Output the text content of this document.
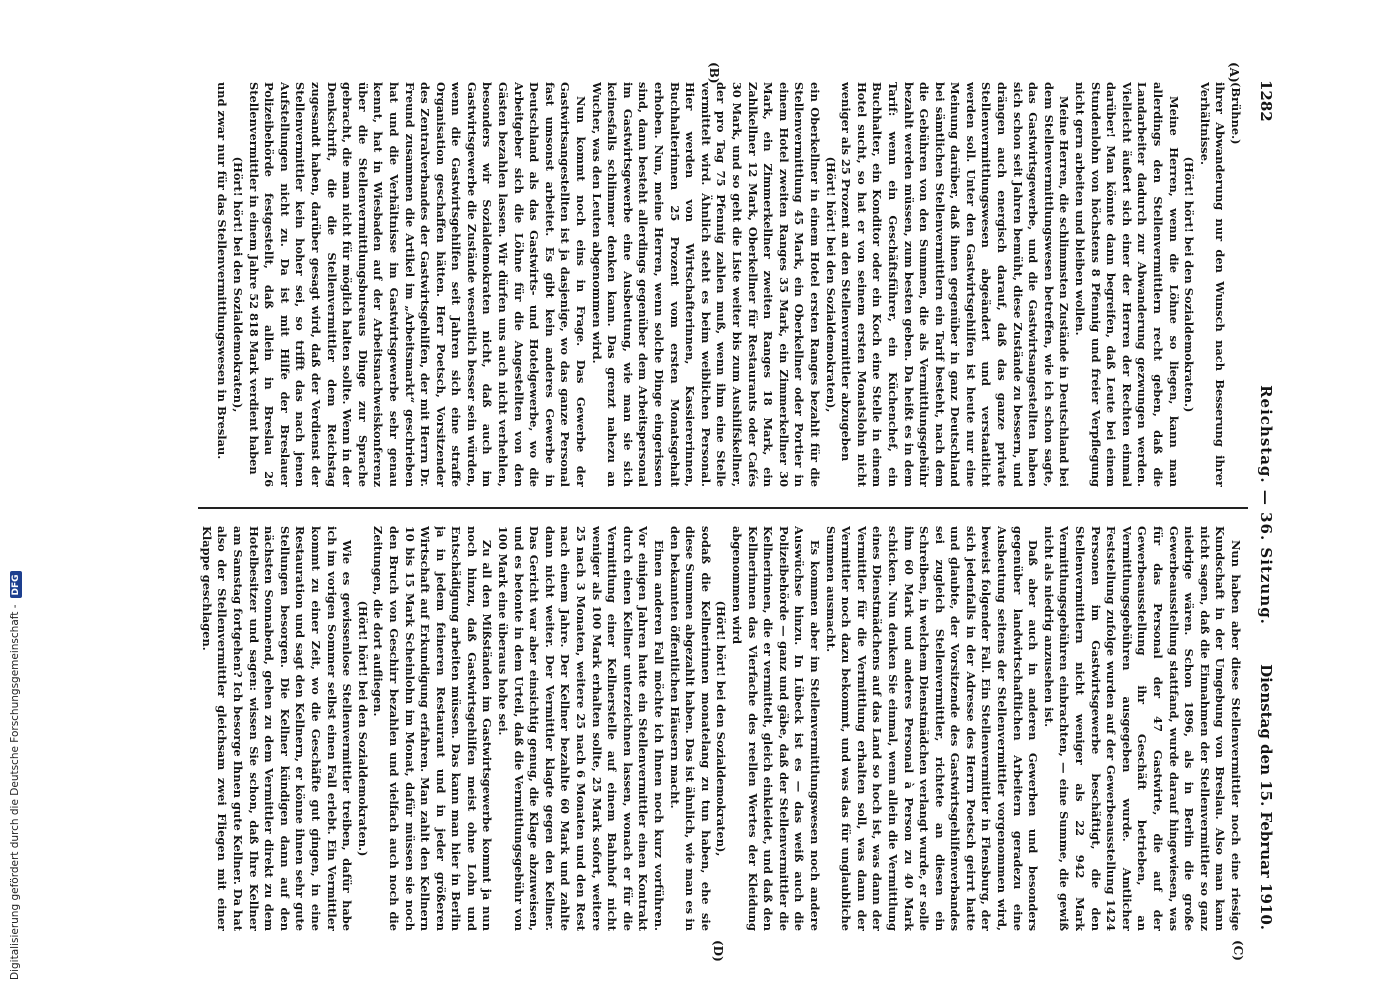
1282
Reichstag. — 36. Sitzung.
Dienstag den 15. Februar 1910.
(A)
(B)
(C)
(D)

(Brühne.)

ihrer Abwanderung nur den Wunsch nach Besserung ihrer Verhältnisse.

(Hört! hört! bei den Sozialdemokraten.)

Meine Herren, wenn die Löhne so liegen, kann man allerdings den Stellenvermittlern recht geben, daß die Landarbeiter dadurch zur Abwanderung gezwungen werden. Vielleicht äußert sich einer der Herren der Rechten einmal darüber! Man könnte dann begreifen, daß Leute bei einem Stundenlohn von höchstens 8 Pfennig und freier Verpflegung nicht gern arbeiten und bleiben wollen.

Meine Herren, die schlimmsten Zustände in Deutschland bei dem Stellenvermittlungswesen betreffen, wie ich schon sagte, das Gastwirtsgewerbe, und die Gastwirtsangestellten haben sich schon seit Jahren bemüht, diese Zustände zu bessern, und drängen auch energisch darauf, daß das ganze private Stellenvermittlungswesen abgeändert und verstaatlicht werden soll. Unter den Gastwirtsgehilfen ist heute nur eine Meinung darüber, daß ihnen gegenüber in ganz Deutschland bei sämtlichen Stellenvermittlern ein Tarif besteht, nach dem die Gebühren von den Summen, die als Vermittlungsgebühr bezahlt werden müssen, zum besten geben. Da heißt es in dem Tarif: wenn ein Geschäftsführer, ein Küchenchef, ein Buchhalter, ein Konditor oder ein Koch eine Stelle in einem Hotel sucht, so hat er von seinem ersten Monatslohn nicht weniger als 25 Prozent an den Stellenvermittler abzugeben

(Hört! hört! bei den Sozialdemokraten),

ein Oberkellner in einem Hotel ersten Ranges bezahlt für die Stellenvermittlung 45 Mark, ein Oberkellner oder Portier in einem Hotel zweiten Ranges 35 Mark, ein Zimmerkellner 30 Mark, ein Zimmerkellner zweiten Ranges 18 Mark, ein Zahlkellner 12 Mark, Oberkellner für Restaurants oder Cafés 30 Mark, und so geht die Liste weiter bis zum Aushilfskellner, der pro Tag 75 Pfennig zahlen muß, wenn ihm eine Stelle vermittelt wird. Ähnlich steht es beim weiblichen Personal. Hier werden von Wirtschafterinnen, Kassiererinnen, Buchhalterinnen 25 Prozent vom ersten Monatsgehalt erhoben. Nun, meine Herren, wenn solche Dinge eingerissen sind, dann besteht allerdings gegenüber dem Arbeitspersonal im Gastwirtsgewerbe eine Ausbeutung, wie man sie sich keinesfalls schlimmer denken kann. Das grenzt nahezu an Wucher, was den Leuten abgenommen wird.

Nun kommt noch eins in Frage. Das Gewerbe der Gastwirtsangestellten ist ja dasjenige, wo das ganze Personal fast umsonst arbeitet. Es gibt kein anderes Gewerbe in Deutschland als das Gastwirts- und Hotelgewerbe, wo die Arbeitgeber sich die Löhne für die Angestellten von den Gästen bezahlen lassen. Wir dürfen uns auch nicht verhehlen, besonders wir Sozialdemokraten nicht, daß auch im Gastwirtsgewerbe die Zustände wesentlich besser sein würden, wenn die Gastwirtsgehilfen seit Jahren sich eine straffe Organisation geschaffen hätten. Herr Poetsch, Vorsitzender des Zentralverbandes der Gastwirtsgehilfen, der mit Herrn Dr. Freund zusammen die Artikel im „Arbeitsmarkt“ geschrieben hat und die Verhältnisse im Gastwirtsgewerbe sehr genau kennt, hat in Wiesbaden auf der Arbeitsnachweiskonferenz über die Stellenvermittlungsbureaus Dinge zur Sprache gebracht, die man nicht für möglich halten sollte. Wenn in der Denkschrift, die die Stellenvermittler dem Reichstag zugesandt haben, darüber gesagt wird, daß der Verdienst der Stellenvermittler kein hoher sei, so trifft das nach jenen Aufstellungen nicht zu. Da ist mit Hilfe der Breslauer Polizeibehörde festgestellt, daß allein in Breslau 26 Stellenvermittler in einem Jahre 52 818 Mark verdient haben

(Hört! hört! bei den Sozialdemokraten),

und zwar nur für das Stellenvermittlungswesen in Breslau.

Nun haben aber diese Stellenvermittler noch eine riesige Kundschaft in der Umgebung von Breslau. Also man kann nicht sagen, daß die Einnahmen der Stellenvermittler so ganz niedrige wären. Schon 1896, als in Berlin die große Gewerbeausstellung stattfand, wurde darauf hingewiesen, was für das Personal der 47 Gastwirte, die auf der Gewerbeausstellung ihr Geschäft betrieben, an Vermittlungsgebühren ausgegeben wurde. Amtlicher Feststellung zufolge wurden auf der Gewerbeausstellung 1424 Personen im Gastwirtsgewerbe beschäftigt, die den Stellenvermittlern nicht weniger als 22 942 Mark Vermittlungsgebühren einbrachten, — eine Summe, die gewiß nicht als niedrig anzusehen ist.

Daß aber auch in anderen Gewerben und besonders gegenüber landwirtschaftlichen Arbeitern geradezu eine Ausbeutung seitens der Stellenvermittler vorgenommen wird, beweist folgender Fall. Ein Stellenvermittler in Flensburg, der sich jedenfalls in der Adresse des Herrn Poetsch geirrt hatte und glaubte, der Vorsitzende des Gastwirtsgehilfenverbandes sei zugleich Stellenvermittler, richtete an diesen ein Schreiben, in welchem Dienstmädchen verlangt wurde, er solle ihm 60 Mark und anderes Personal à Person zu 40 Mark schicken. Nun denken Sie einmal, wenn allein die Vermittlung eines Dienstmädchens auf das Land so hoch ist, was dann der Vermittler für die Vermittlung erhalten soll, was dann der Vermittler noch dazu bekommt, und was das für unglaubliche Summen ausmacht.

Es kommen aber im Stellenvermittlungswesen noch andere Auswüchse hinzu. In Lübeck ist es — das weiß auch die Polizeibehörde — ganz und gäbe, daß der Stellenvermittler die Kellnerinnen, die er vermittelt, gleich einkleidet, und daß den Kellnerinnen das Vierfache des reellen Wertes der Kleidung abgenommen wird

(Hört! hört! bei den Sozialdemokraten),

sodaß die Kellnerinnen monatelang zu tun haben, ehe sie diese Summen abgezahlt haben. Das ist ähnlich, wie man es in den bekannten öffentlichen Häusern macht.

Einen anderen Fall möchte ich Ihnen noch kurz vorführen. Vor einigen Jahren hatte ein Stellenvermittler einen Kontrakt durch einen Kellner unterzeichnen lassen, wonach er für die Vermittlung einer Kellnerstelle auf einem Bahnhof nicht weniger als 100 Mark erhalten sollte, 25 Mark sofort, weitere 25 nach 3 Monaten, weitere 25 nach 6 Monaten und den Rest nach einem Jahre. Der Kellner bezahlte 60 Mark und zahlte dann nicht weiter. Der Vermittler klagte gegen den Kellner. Das Gericht war aber einsichtig genug, die Klage abzuweisen, und es betonte in dem Urteil, daß die Vermittlungsgebühr von 100 Mark eine überaus hohe sei.

Zu all den Mißständen im Gastwirtsgewerbe kommt ja nun noch hinzu, daß Gastwirtsgehilfen meist ohne Lohn und Entschädigung arbeiten müssen. Das kann man hier in Berlin ja in jedem feineren Restaurant und in jeder größeren Wirtschaft auf Erkundigung erfahren. Man zahlt den Kellnern 10 bis 15 Mark Scheinlohn im Monat, dafür müssen sie noch den Bruch von Geschirr bezahlen und vielfach auch noch die Zeitungen, die dort aufliegen.

(Hört! hört! bei den Sozialdemokraten.)

Wie es gewissenlose Stellenvermittler treiben, dafür habe ich im vorigen Sommer selbst einen Fall erlebt. Ein Vermittler kommt zu einer Zeit, wo die Geschäfte gut gingen, in eine Restauration und sagt den Kellnern, er könne ihnen sehr gute Stellungen besorgen. Die Kellner kündigen dann auf den nächsten Sonnabend, gehen zu dem Vermittler direkt zu dem Hotelbesitzer und sagen: wissen Sie schon, daß Ihre Kellner am Samstag fortgehen? Ich besorge Ihnen gute Kellner. Da hat also der Stellenvermittler gleichsam zwei Fliegen mit einer Klappe geschlagen.

Digitalisierung gefördert durch die Deutsche Forschungsgemeinschaft -DFG
